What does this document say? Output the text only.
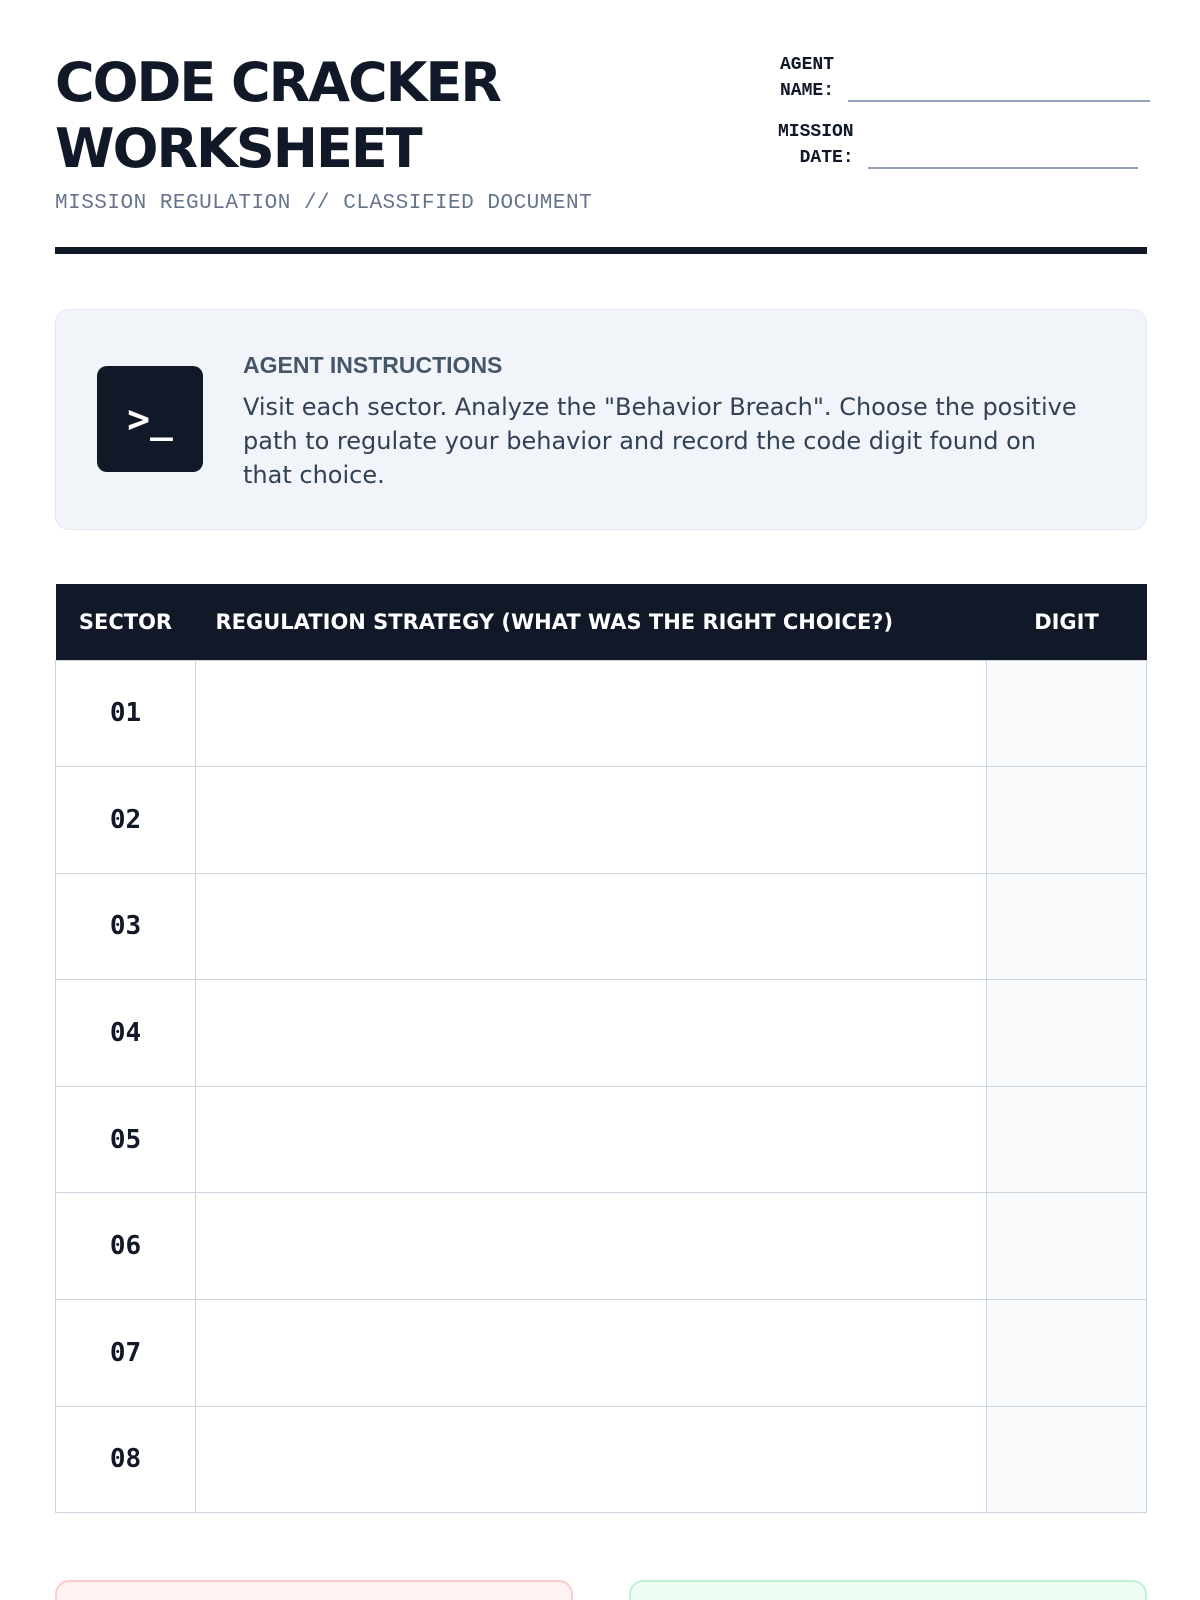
CODE CRACKER
WORKSHEET
MISSION REGULATION // CLASSIFIED DOCUMENT
AGENT
NAME:
MISSION
DATE:
>_
AGENT INSTRUCTIONS
Visit each sector. Analyze the "Behavior Breach". Choose the positive path to regulate your behavior and record the code digit found on that choice.
SECTOR	REGULATION STRATEGY (WHAT WAS THE RIGHT CHOICE?)	DIGIT
01		
02		
03		
04		
05		
06		
07		
08		
